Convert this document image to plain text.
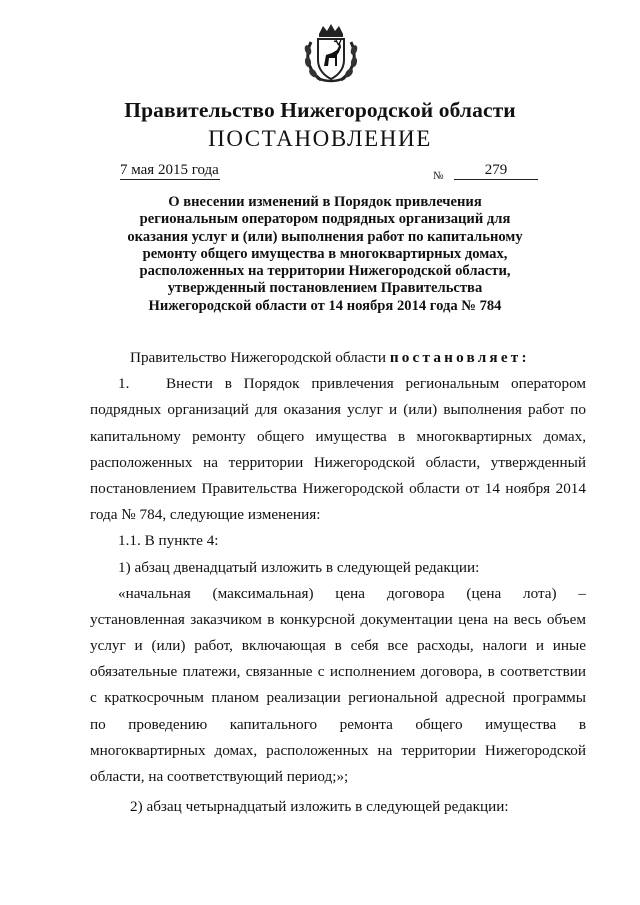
Правительство Нижегородской области
ПОСТАНОВЛЕНИЕ
7 мая 2015 года	№	279
О внесении изменений в Порядок привлечения
региональным оператором подрядных организаций для
оказания услуг и (или) выполнения работ по капитальному
ремонту общего имущества в многоквартирных домах,
расположенных на территории Нижегородской области,
утвержденный постановлением Правительства
Нижегородской области от 14 ноября 2014 года № 784
Правительство Нижегородской области постановляет:
1. Внести в Порядок привлечения региональным оператором
подрядных организаций для оказания услуг и (или) выполнения работ по
капитальному ремонту общего имущества в многоквартирных домах,
расположенных на территории Нижегородской области, утвержденный
постановлением Правительства Нижегородской области от 14 ноября 2014
года № 784, следующие изменения:
1.1. В пункте 4:
1) абзац двенадцатый изложить в следующей редакции:
«начальная (максимальная) цена договора (цена лота) –
установленная заказчиком в конкурсной документации цена на весь объем
услуг и (или) работ, включающая в себя все расходы, налоги и иные
обязательные платежи, связанные с исполнением договора, в соответствии
с краткосрочным планом реализации региональной адресной программы
по проведению капитального ремонта общего имущества в
многоквартирных домах, расположенных на территории Нижегородской
области, на соответствующий период;»;
2) абзац четырнадцатый изложить в следующей редакции:
